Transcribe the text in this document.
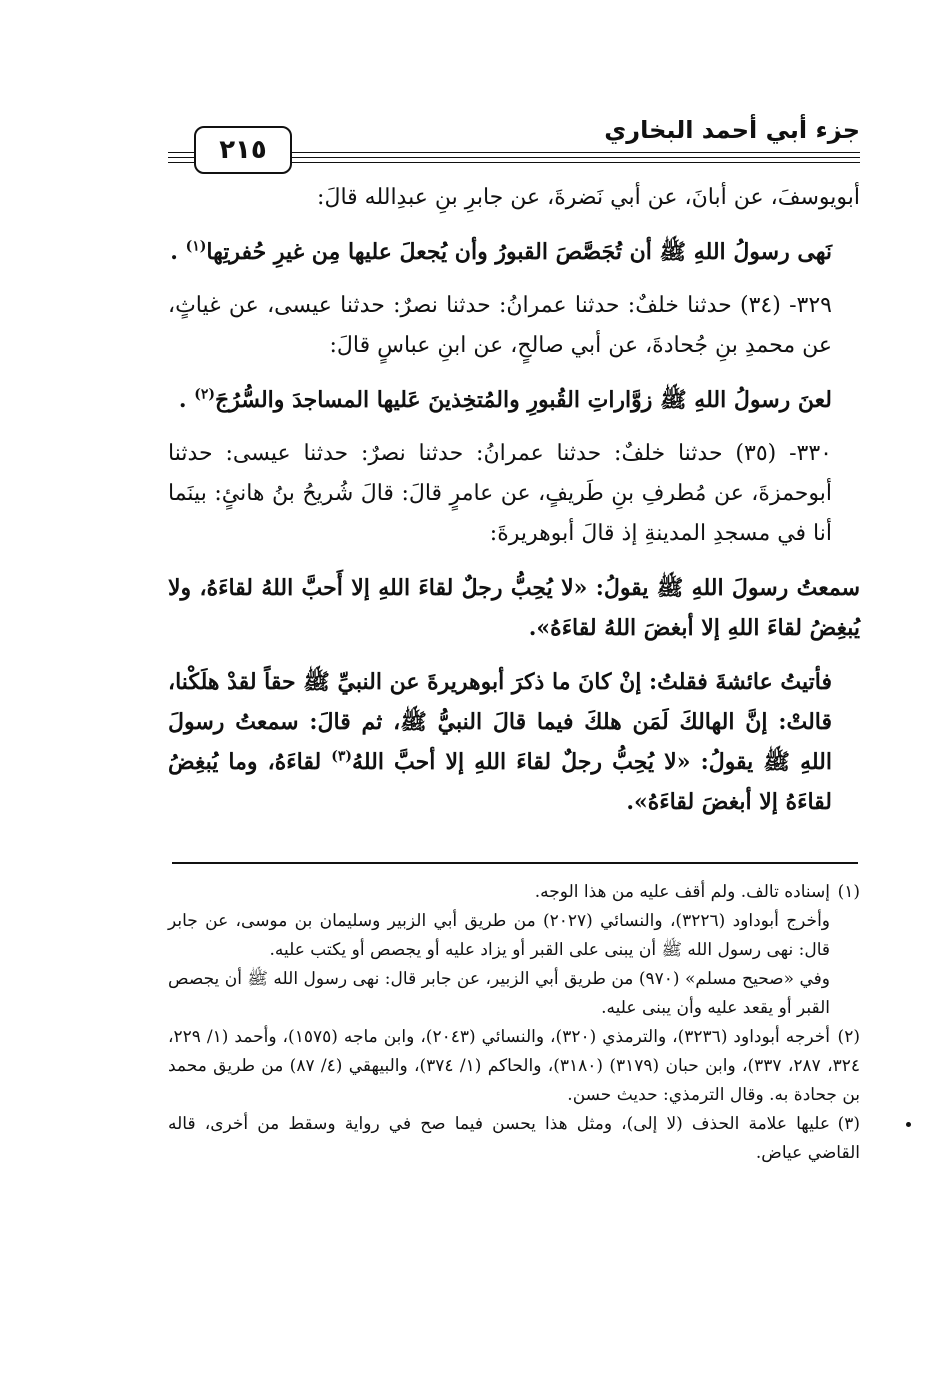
٢١٥
جزء أبي أحمد البخاري

أبويوسفَ، عن أبانَ، عن أبي نَضرةَ، عن جابرِ بنِ عبدِالله قالَ:

نَهى رسولُ اللهِ ﷺ أن تُجَصَّصَ القبورُ وأن يُجعلَ عليها مِن غيرِ حُفرتِها$^{(١)}$ .

٣٢٩- (٣٤) حدثنا خلفٌ: حدثنا عمرانُ: حدثنا نصرٌ: حدثنا عيسى، عن غياثٍ، عن محمدِ بنِ جُحادةَ، عن أبي صالحٍ، عن ابنِ عباسٍ قالَ:

لعنَ رسولُ اللهِ ﷺ زوَّاراتِ القُبورِ والمُتخِذينَ عَليها المساجدَ والسُّرُجَ$^{(٢)}$ .

٣٣٠- (٣٥) حدثنا خلفٌ: حدثنا عمرانُ: حدثنا نصرٌ: حدثنا عيسى: حدثنا أبوحمزةَ، عن مُطرفِ بنِ طَريفٍ، عن عامرٍ قالَ: قالَ شُريحُ بنُ هانئٍ: بينَما أنا في مسجدِ المدينةِ إذ قالَ أبوهريرةَ:

سمعتُ رسولَ اللهِ ﷺ يقولُ: «لا يُحِبُّ رجلٌ لقاءَ اللهِ إلا أَحبَّ اللهُ لقاءَهُ، ولا يُبغِضُ لقاءَ اللهِ إلا أبغضَ اللهُ لقاءَهُ».

فأتيتُ عائشةَ فقلتُ: إنْ كانَ ما ذكرَ أبوهريرةَ عن النبيِّ ﷺ حقاً لقدْ هلَكْنا، قالتْ: إنَّ الهالكَ لَمَن هلكَ فيما قالَ النبيُّ ﷺ، ثم قالَ: سمعتُ رسولَ اللهِ ﷺ يقولُ: «لا يُحِبُّ رجلٌ لقاءَ اللهِ إلا أحبَّ اللهُ$^{(٣)}$ لقاءَهُ، وما يُبغِضُ لقاءَهُ إلا أبغضَ لقاءَهُ».

(١)إسناده تالف. ولم أقف عليه من هذا الوجه.

وأخرج أبوداود (٣٢٢٦)، والنسائي (٢٠٢٧) من طريق أبي الزبير وسليمان بن موسى، عن جابر قال: نهى رسول الله ﷺ أن يبنى على القبر أو يزاد عليه أو يجصص أو يكتب عليه.

وفي «صحيح مسلم» (٩٧٠) من طريق أبي الزبير، عن جابر قال: نهى رسول الله ﷺ أن يجصص القبر أو يقعد عليه وأن يبنى عليه.

(٢)أخرجه أبوداود (٣٢٣٦)، والترمذي (٣٢٠)، والنسائي (٢٠٤٣)، وابن ماجه (١٥٧٥)، وأحمد (١/ ٢٢٩، ٣٢٤، ٢٨٧، ٣٣٧)، وابن حبان (٣١٧٩) (٣١٨٠)، والحاكم (١/ ٣٧٤)، والبيهقي (٤/ ٨٧) من طريق محمد بن جحادة به. وقال الترمذي: حديث حسن.

(٣)عليها علامة الحذف (لا إلى)، ومثل هذا يحسن فيما صح في رواية وسقط من أخرى، قاله القاضي عياض.
